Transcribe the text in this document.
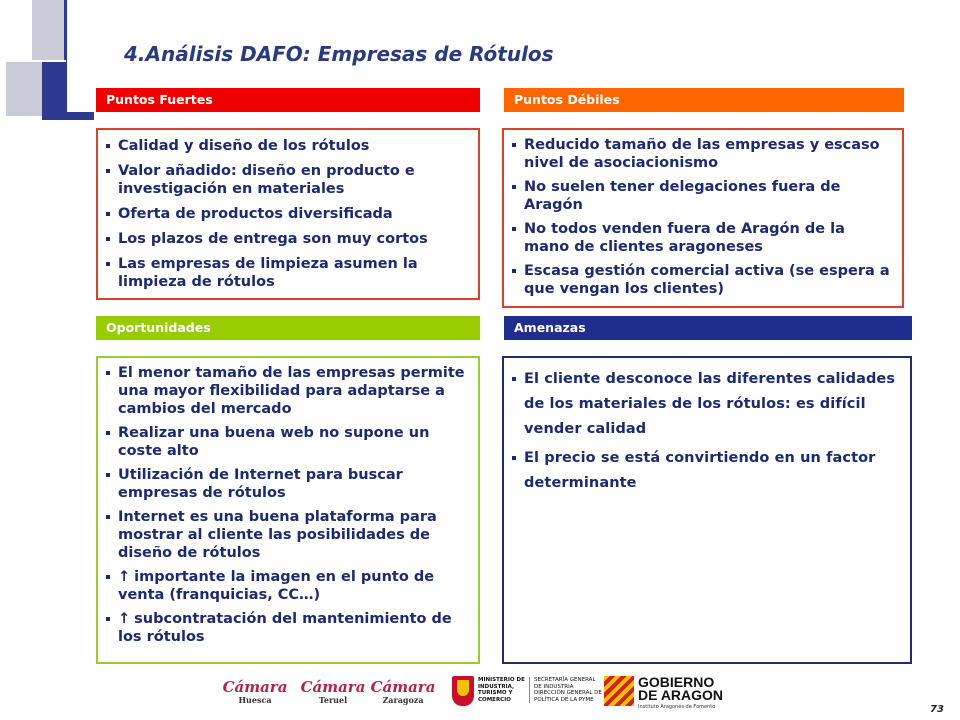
4.Análisis DAFO: Empresas de Rótulos
Puntos Fuertes	Puntos Débiles
Oportunidades	Amenazas
Calidad y diseño de los rótulos
Valor añadido: diseño en producto e investigación en materiales
Oferta de productos diversificada
Los plazos de entrega son muy cortos
Las empresas de limpieza asumen la limpieza de rótulos
Reducido tamaño de las empresas y escaso nivel de asociacionismo
No suelen tener delegaciones fuera de Aragón
No todos venden fuera de Aragón de la mano de clientes aragoneses
Escasa gestión comercial activa (se espera a que vengan los clientes)
El menor tamaño de las empresas permite una mayor flexibilidad para adaptarse a cambios del mercado
Realizar una buena web no supone un coste alto
Utilización de Internet para buscar empresas de rótulos
Internet es una buena plataforma para mostrar al cliente las posibilidades de diseño de rótulos
↑ importante la imagen en el punto de venta (franquicias, CC…)
↑ subcontratación del mantenimiento de los rótulos
El cliente desconoce las diferentes calidades de los materiales de los rótulos: es difícil vender calidad
El precio se está convirtiendo en un factor determinante
Cámara
Huesca
Cámara
Teruel
Cámara
Zaragoza
MINISTERIO DE INDUSTRIA, TURISMO Y COMERCIO
SECRETARÍA GENERAL DE INDUSTRIA DIRECCIÓN GENERAL DE POLÍTICA DE LA PYME
GOBIERNO
DE ARAGON
Instituto Aragonés de Fomento	73
